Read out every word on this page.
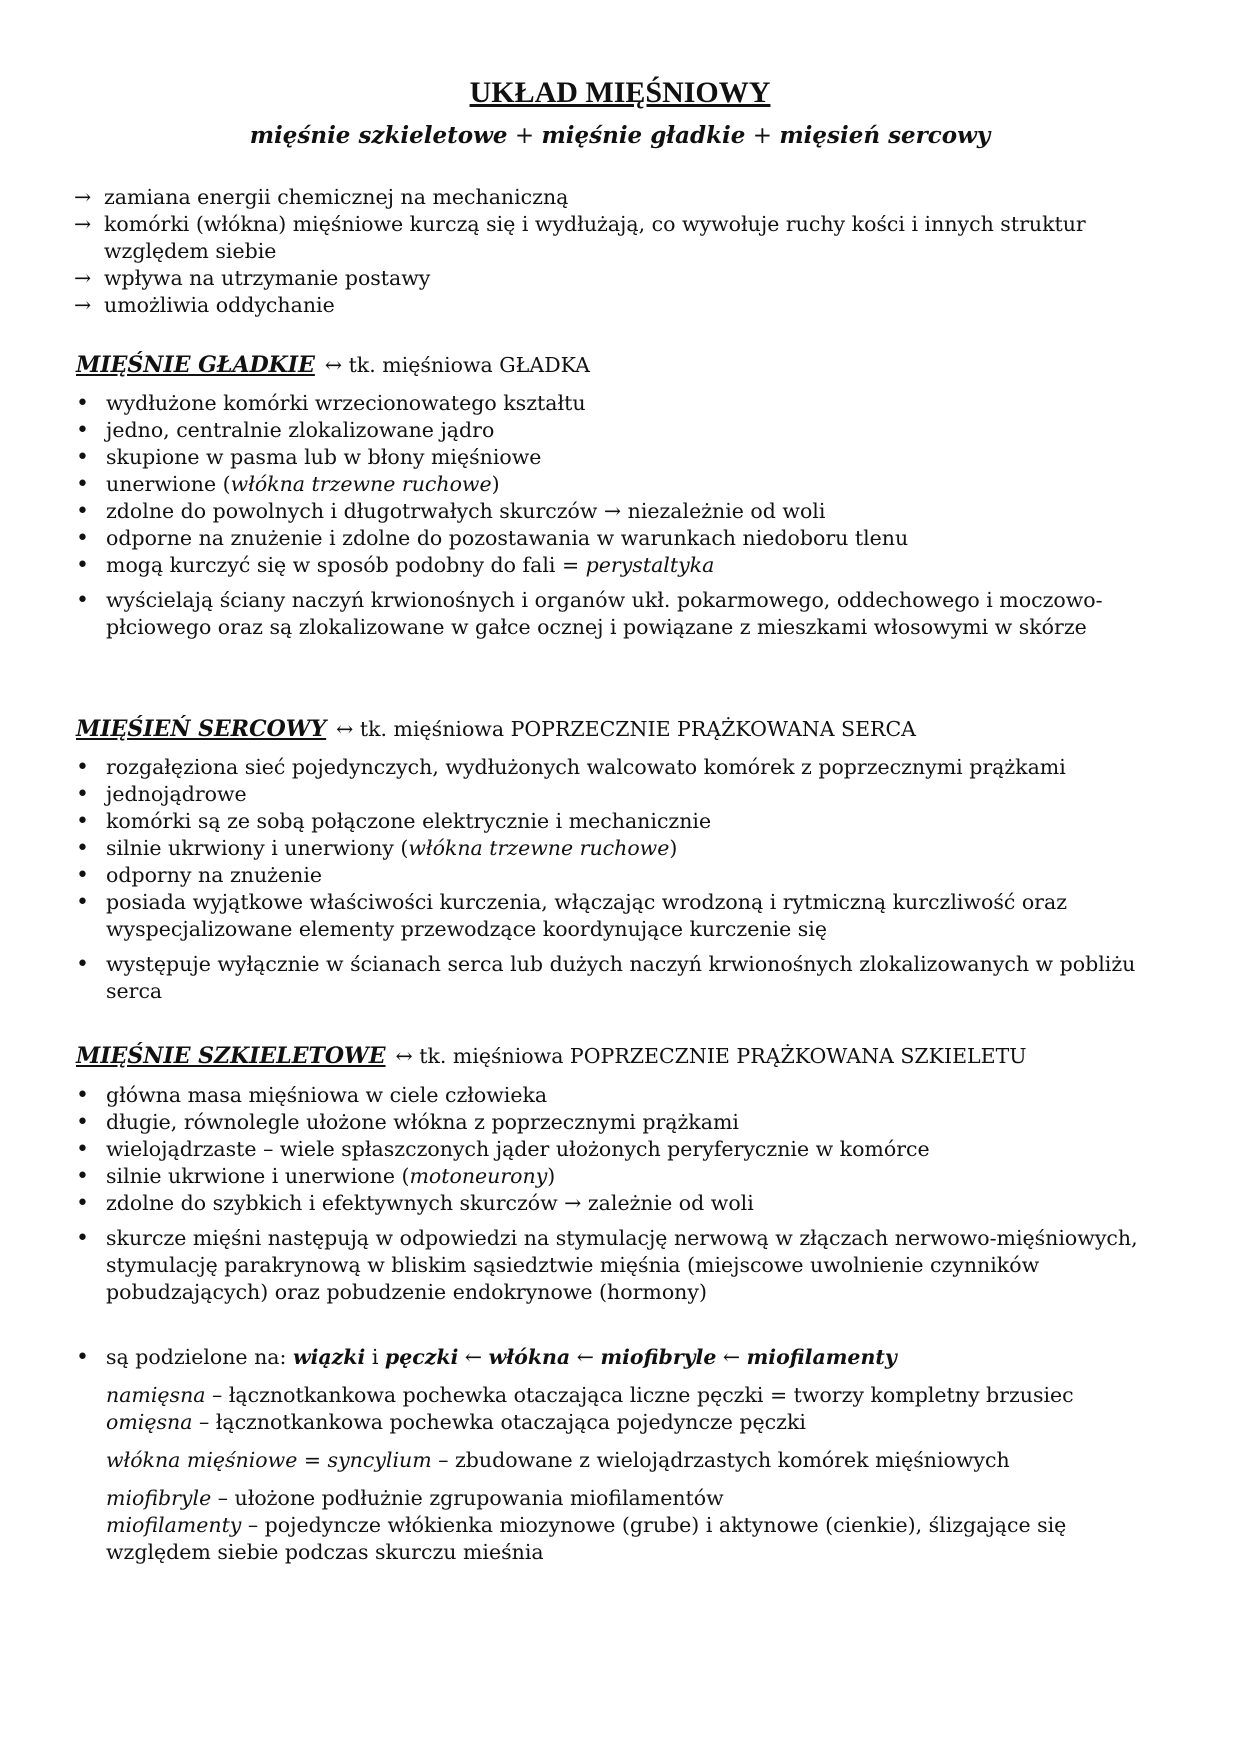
UKŁAD MIĘŚNIOWY
mięśnie szkieletowe + mięśnie gładkie + mięsień sercowy
→ zamiana energii chemicznej na mechaniczną
→ komórki (włókna) mięśniowe kurczą się i wydłużają, co wywołuje ruchy kości i innych struktur względem siebie
→ wpływa na utrzymanie postawy
→ umożliwia oddychanie
MIĘŚNIE GŁADKIE ↔ tk. mięśniowa GŁADKA
• wydłużone komórki wrzecionowatego kształtu
• jedno, centralnie zlokalizowane jądro
• skupione w pasma lub w błony mięśniowe
• unerwione (włókna trzewne ruchowe)
• zdolne do powolnych i długotrwałych skurczów → niezależnie od woli
• odporne na znużenie i zdolne do pozostawania w warunkach niedoboru tlenu
• mogą kurczyć się w sposób podobny do fali = perystaltyka
• wyścielają ściany naczyń krwionośnych i organów ukł. pokarmowego, oddechowego i moczowo-płciowego oraz są zlokalizowane w gałce ocznej i powiązane z mieszkami włosowymi w skórze
MIĘŚIEŃ SERCOWY ↔ tk. mięśniowa POPRZECZNIE PRĄŻKOWANA SERCA
• rozgałęziona sieć pojedynczych, wydłużonych walcowato komórek z poprzecznymi prążkami
• jednojądrowe
• komórki są ze sobą połączone elektrycznie i mechanicznie
• silnie ukrwiony i unerwiony (włókna trzewne ruchowe)
• odporny na znużenie
• posiada wyjątkowe właściwości kurczenia, włączając wrodzoną i rytmiczną kurczliwość oraz wyspecjalizowane elementy przewodzące koordynujące kurczenie się
• występuje wyłącznie w ścianach serca lub dużych naczyń krwionośnych zlokalizowanych w pobliżu serca
MIĘŚNIE SZKIELETOWE ↔ tk. mięśniowa POPRZECZNIE PRĄŻKOWANA SZKIELETU
• główna masa mięśniowa w ciele człowieka
• długie, równolegle ułożone włókna z poprzecznymi prążkami
• wielojądrzaste – wiele spłaszczonych jąder ułożonych peryferycznie w komórce
• silnie ukrwione i unerwione (motoneurony)
• zdolne do szybkich i efektywnych skurczów → zależnie od woli
• skurcze mięśni następują w odpowiedzi na stymulację nerwową w złączach nerwowo-mięśniowych, stymulację parakrynową w bliskim sąsiedztwie mięśnia (miejscowe uwolnienie czynników pobudzających) oraz pobudzenie endokrynowe (hormony)
• są podzielone na: wiązki i pęczki ← włókna ← miofibryle ← miofilamenty

namięsna – łącznotkankowa pochewka otaczająca liczne pęczki = tworzy kompletny brzusiec

omięsna – łącznotkankowa pochewka otaczająca pojedyncze pęczki

włókna mięśniowe = syncylium – zbudowane z wielojądrzastych komórek mięśniowych

miofibryle – ułożone podłużnie zgrupowania miofilamentów

miofilamenty – pojedyncze włókienka miozynowe (grube) i aktynowe (cienkie), ślizgające się względem siebie podczas skurczu mieśnia
